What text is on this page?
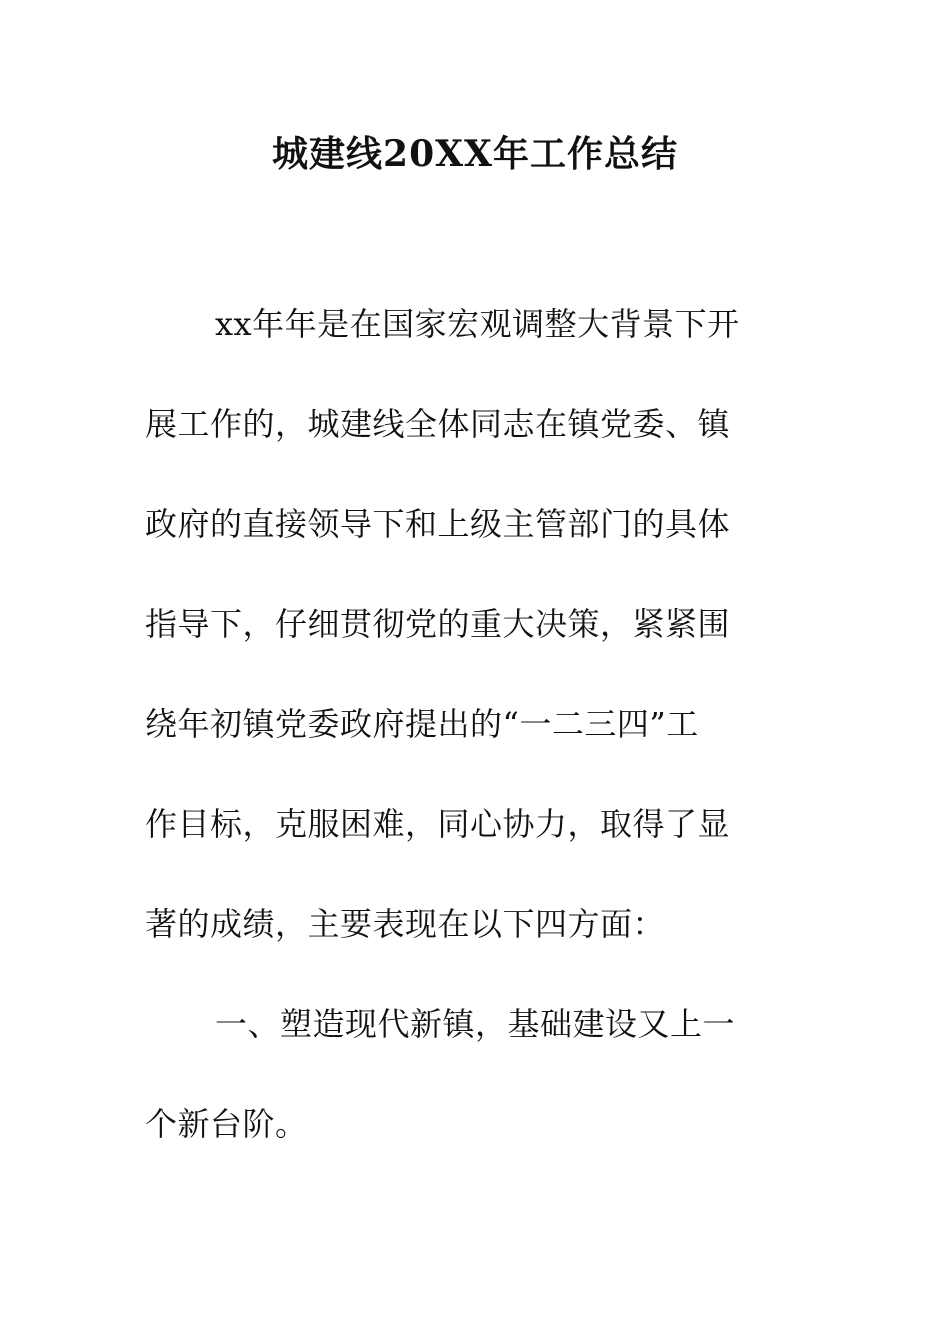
城建线20XX年工作总结
xx年年是在国家宏观调整大背景下开
展工作的，城建线全体同志在镇党委、镇
政府的直接领导下和上级主管部门的具体
指导下，仔细贯彻党的重大决策，紧紧围
绕年初镇党委政府提出的“一二三四”工
作目标，克服困难，同心协力，取得了显
著的成绩，主要表现在以下四方面：
一、塑造现代新镇，基础建设又上一
个新台阶。
